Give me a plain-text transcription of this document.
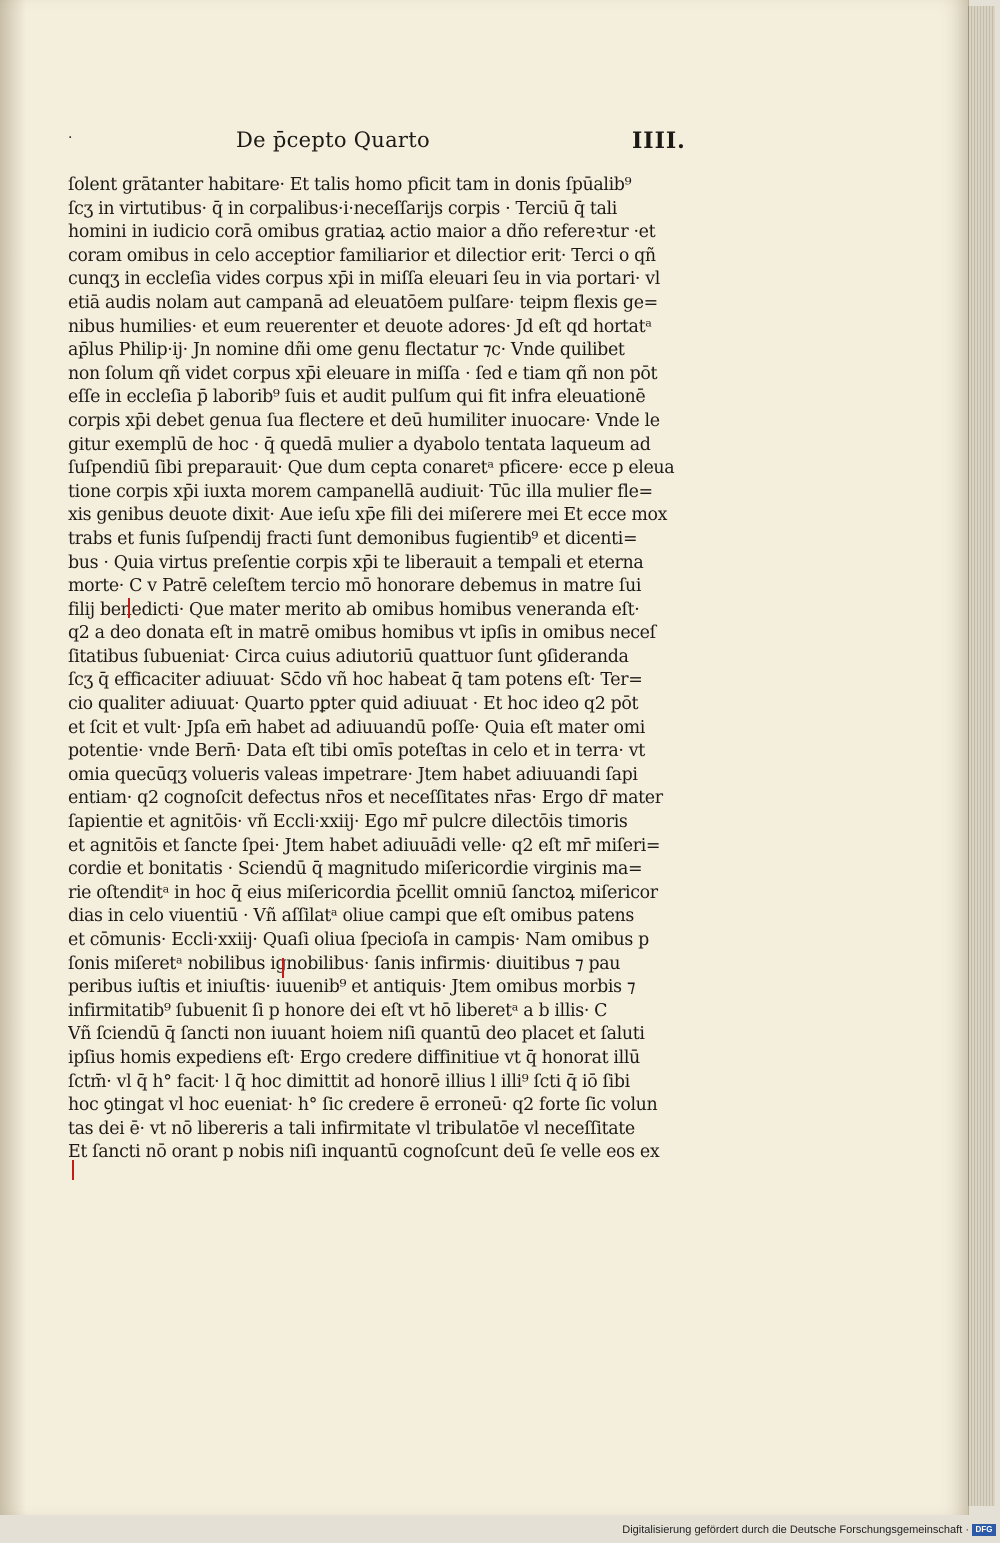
·	De p̄cepto Quarto	IIII.
ſolent grātanter habitare· Et talis homo pficit tam in donis ſpūalib⁹
ſcʒ in virtutibus· q̄ in corpalibus·i·neceſſarijs corpis · Terciū q̄ tali
homini in iudicio corā omibus gratiaꝝ actio maior a dño refereꝛtur ·et
coram omibus in celo acceptior familiarior et dilectior erit· Terci o qñ
cunqʒ in eccleſia vides corpus xp̄i in miſſa eleuari ſeu in via portari· vl
etiā audis nolam aut campanā ad eleuatōem pulſare· teipm flexis ge=
nibus humilies· et eum reuerenter et deuote adores· Jd eſt qd̄ hortatᵃ
ap̄lus Philip·ij· Jn nomine dñi ome genu flectatur ⁊c· Vnde quilibet
non ſolum qñ videt corpus xp̄i eleuare in miſſa · ſed e tiam qñ non pōt
eſſe in eccleſia p̄ laborib⁹ ſuis et audit pulſum qui fit infra eleuationē
corpis xp̄i debet genua ſua flectere et deū humiliter inuocare· Vnde le
gitur exemplū de hoc · q̄ quedā mulier a dyabolo tentata laqueum ad
ſuſpendiū ſibi preparauit· Que dum cepta conaretᵃ pficere· ecce p eleua
tione corpis xp̄i iuxta morem campanellā audiuit· Tūc illa mulier fle=
xis genibus deuote dixit· Aue ieſu xp̄e fili dei miſerere mei Et ecce mox
trabs et funis ſuſpendij fracti ſunt demonibus fugientib⁹ et dicenti=
bus · Quia virtus preſentie corpis xp̄i te liberauit a tempali et eterna
morte· C v Patrē celeſtem tercio mō honorare debemus in matre ſui
filij benedicti· Que mater merito ab omibus homibus veneranda eſt·
q2 a deo donata eſt in matrē omibus homibus vt ipſis in omibus neceſ
ſitatibus ſubueniat· Circa cuius adiutoriū quattuor ſunt ꝯſideranda
ſcʒ q̄ efficaciter adiuuat· Sc̄do vñ hoc habeat q̄ tam potens eſt· Ter=
cio qualiter adiuuat· Quarto pꝑter quid adiuuat · Et hoc ideo q2 pōt
et ſcit et vult· Jpſa em̄ habet ad adiuuandū poſſe· Quia eſt mater omi
potentie· vnde Bern̄· Data eſt tibi omīs poteſtas in celo et in terra· vt
omia quecūqʒ volueris valeas impetrare· Jtem habet adiuuandi ſapi
entiam· q2 cognoſcit defectus nr̄os et neceſſitates nr̄as· Ergo dr̄ mater
ſapientie et agnitōis· vñ Eccli·xxiij· Ego mr̄ pulcre dilectōis timoris
et agnitōis et ſancte ſpei· Jtem habet adiuuādi velle· q2 eſt mr̄ miſeri=
cordie et bonitatis · Sciendū q̄ magnitudo miſericordie virginis ma=
rie oſtenditᵃ in hoc q̄ eius miſericordia p̄cellit omniū ſanctoꝝ miſericor
dias in celo viuentiū · Vñ aſſilatᵃ oliue campi que eſt omibus patens
et cōmunis· Eccli·xxiij· Quaſi oliua ſpecioſa in campis· Nam omibus p
ſonis miſeretᵃ nobilibus ignobilibus· ſanis infirmis· diuitibus ⁊ pau
peribus iuſtis et iniuſtis· iuuenib⁹ et antiquis· Jtem omibus morbis ⁊
infirmitatib⁹ ſubuenit ſi p honore dei eſt vt hō liberetᵃ a b illis· C
Vñ ſciendū q̄ ſancti non iuuant hoiem niſi quantū deo placet et ſaluti
ipſius homis expediens eſt· Ergo credere diffinitiue vt q̄ honorat illū
ſctm̄· vl q̄ h° facit· l q̄ hoc dimittit ad honorē illius l illi⁹ ſcti q̄ iō ſibi
hoc ꝯtingat vl hoc eueniat· h° ſic credere ē erroneū· q2 forte ſic volun
tas dei ē· vt nō libereris a tali infirmitate vl tribulatōe vl neceſſitate
Et ſancti nō orant p nobis niſi inquantū cognoſcunt deū ſe velle eos ex
Digitalisierung gefördert durch die Deutsche Forschungsgemeinschaft · DFG
